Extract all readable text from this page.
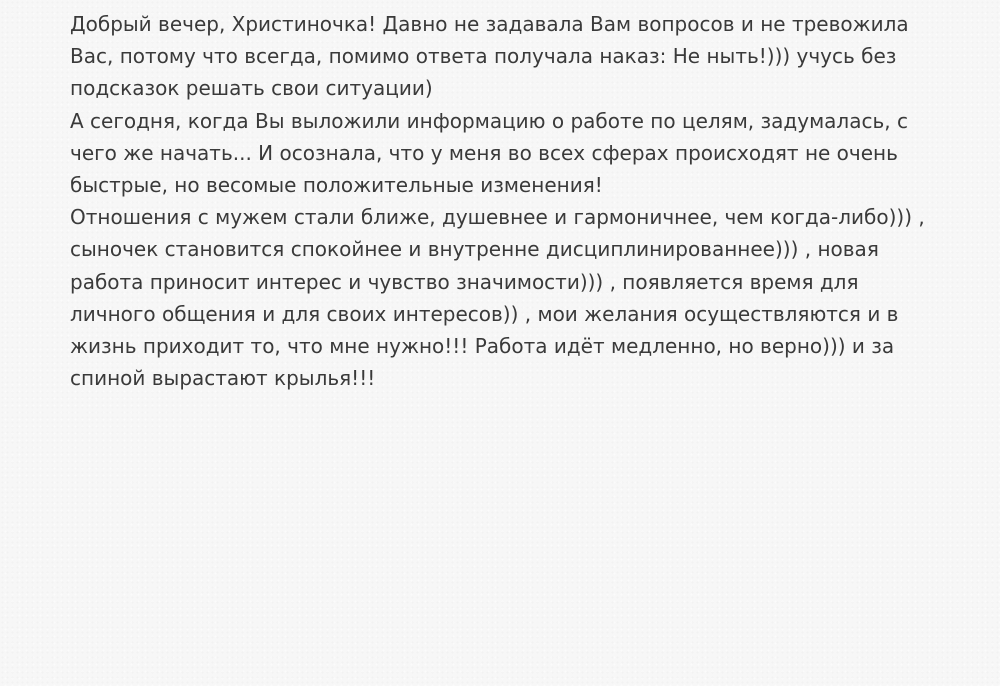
Добрый вечер, Христиночка! Давно не задавала Вам вопросов и не тревожила
Вас, потому что всегда, помимо ответа получала наказ: Не ныть!))) учусь без
подсказок решать свои ситуации)
А сегодня, когда Вы выложили информацию о работе по целям, задумалась, с
чего же начать... И осознала, что у меня во всех сферах происходят не очень
быстрые, но весомые положительные изменения!
Отношения с мужем стали ближе, душевнее и гармоничнее, чем когда-либо))) ,
сыночек становится спокойнее и внутренне дисциплинированнее))) , новая
работа приносит интерес и чувство значимости))) , появляется время для
личного общения и для своих интересов)) , мои желания осуществляются и в
жизнь приходит то, что мне нужно!!! Работа идёт медленно, но верно))) и за
спиной вырастают крылья!!!
